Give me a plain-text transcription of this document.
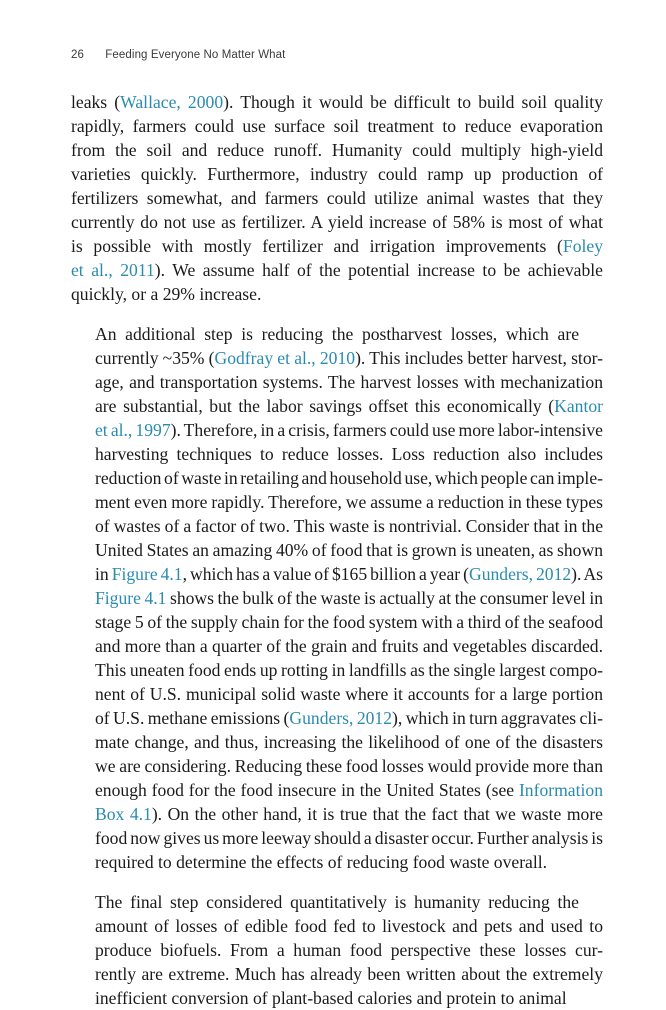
26 Feeding Everyone No Matter What

leaks (Wallace, 2000). Though it would be difficult to build soil quality
rapidly, farmers could use surface soil treatment to reduce evaporation
from the soil and reduce runoff. Humanity could multiply high-yield
varieties quickly. Furthermore, industry could ramp up production of
fertilizers somewhat, and farmers could utilize animal wastes that they
currently do not use as fertilizer. A yield increase of 58% is most of what
is possible with mostly fertilizer and irrigation improvements (Foley
et al., 2011). We assume half of the potential increase to be achievable
quickly, or a 29% increase.

An additional step is reducing the postharvest losses, which are
currently ~35% (Godfray et al., 2010). This includes better harvest, stor-
age, and transportation systems. The harvest losses with mechanization
are substantial, but the labor savings offset this economically (Kantor
et al., 1997). Therefore, in a crisis, farmers could use more labor-intensive
harvesting techniques to reduce losses. Loss reduction also includes
reduction of waste in retailing and household use, which people can imple-
ment even more rapidly. Therefore, we assume a reduction in these types
of wastes of a factor of two. This waste is nontrivial. Consider that in the
United States an amazing 40% of food that is grown is uneaten, as shown
in Figure 4.1, which has a value of $165 billion a year (Gunders, 2012). As
Figure 4.1 shows the bulk of the waste is actually at the consumer level in
stage 5 of the supply chain for the food system with a third of the seafood
and more than a quarter of the grain and fruits and vegetables discarded.
This uneaten food ends up rotting in landfills as the single largest compo-
nent of U.S. municipal solid waste where it accounts for a large portion
of U.S. methane emissions (Gunders, 2012), which in turn aggravates cli-
mate change, and thus, increasing the likelihood of one of the disasters
we are considering. Reducing these food losses would provide more than
enough food for the food insecure in the United States (see Information
Box 4.1). On the other hand, it is true that the fact that we waste more
food now gives us more leeway should a disaster occur. Further analysis is
required to determine the effects of reducing food waste overall.

The final step considered quantitatively is humanity reducing the
amount of losses of edible food fed to livestock and pets and used to
produce biofuels. From a human food perspective these losses cur-
rently are extreme. Much has already been written about the extremely
inefficient conversion of plant-based calories and protein to animal
